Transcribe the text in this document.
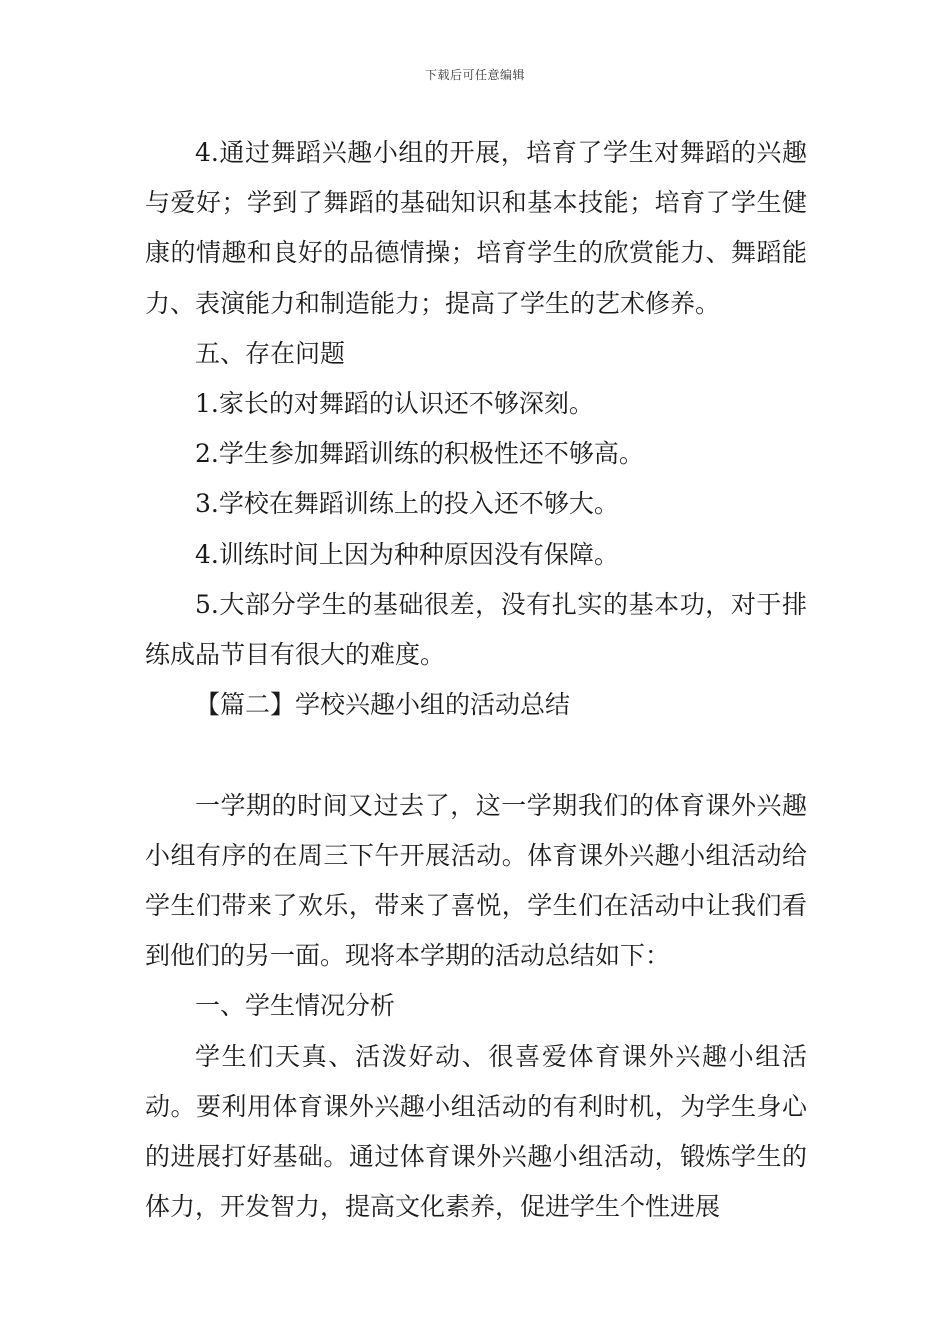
下载后可任意编辑

4.通过舞蹈兴趣小组的开展，培育了学生对舞蹈的兴趣与爱好；学到了舞蹈的基础知识和基本技能；培育了学生健康的情趣和良好的品德情操；培育学生的欣赏能力、舞蹈能力、表演能力和制造能力；提高了学生的艺术修养。

五、存在问题

1.家长的对舞蹈的认识还不够深刻。

2.学生参加舞蹈训练的积极性还不够高。

3.学校在舞蹈训练上的投入还不够大。

4.训练时间上因为种种原因没有保障。

5.大部分学生的基础很差，没有扎实的基本功，对于排练成品节目有很大的难度。

【篇二】学校兴趣小组的活动总结

一学期的时间又过去了，这一学期我们的体育课外兴趣小组有序的在周三下午开展活动。体育课外兴趣小组活动给学生们带来了欢乐，带来了喜悦，学生们在活动中让我们看到他们的另一面。现将本学期的活动总结如下：

一、学生情况分析

学生们天真、活泼好动、很喜爱体育课外兴趣小组活动。要利用体育课外兴趣小组活动的有利时机，为学生身心的进展打好基础。通过体育课外兴趣小组活动，锻炼学生的体力，开发智力，提高文化素养，促进学生个性进展
